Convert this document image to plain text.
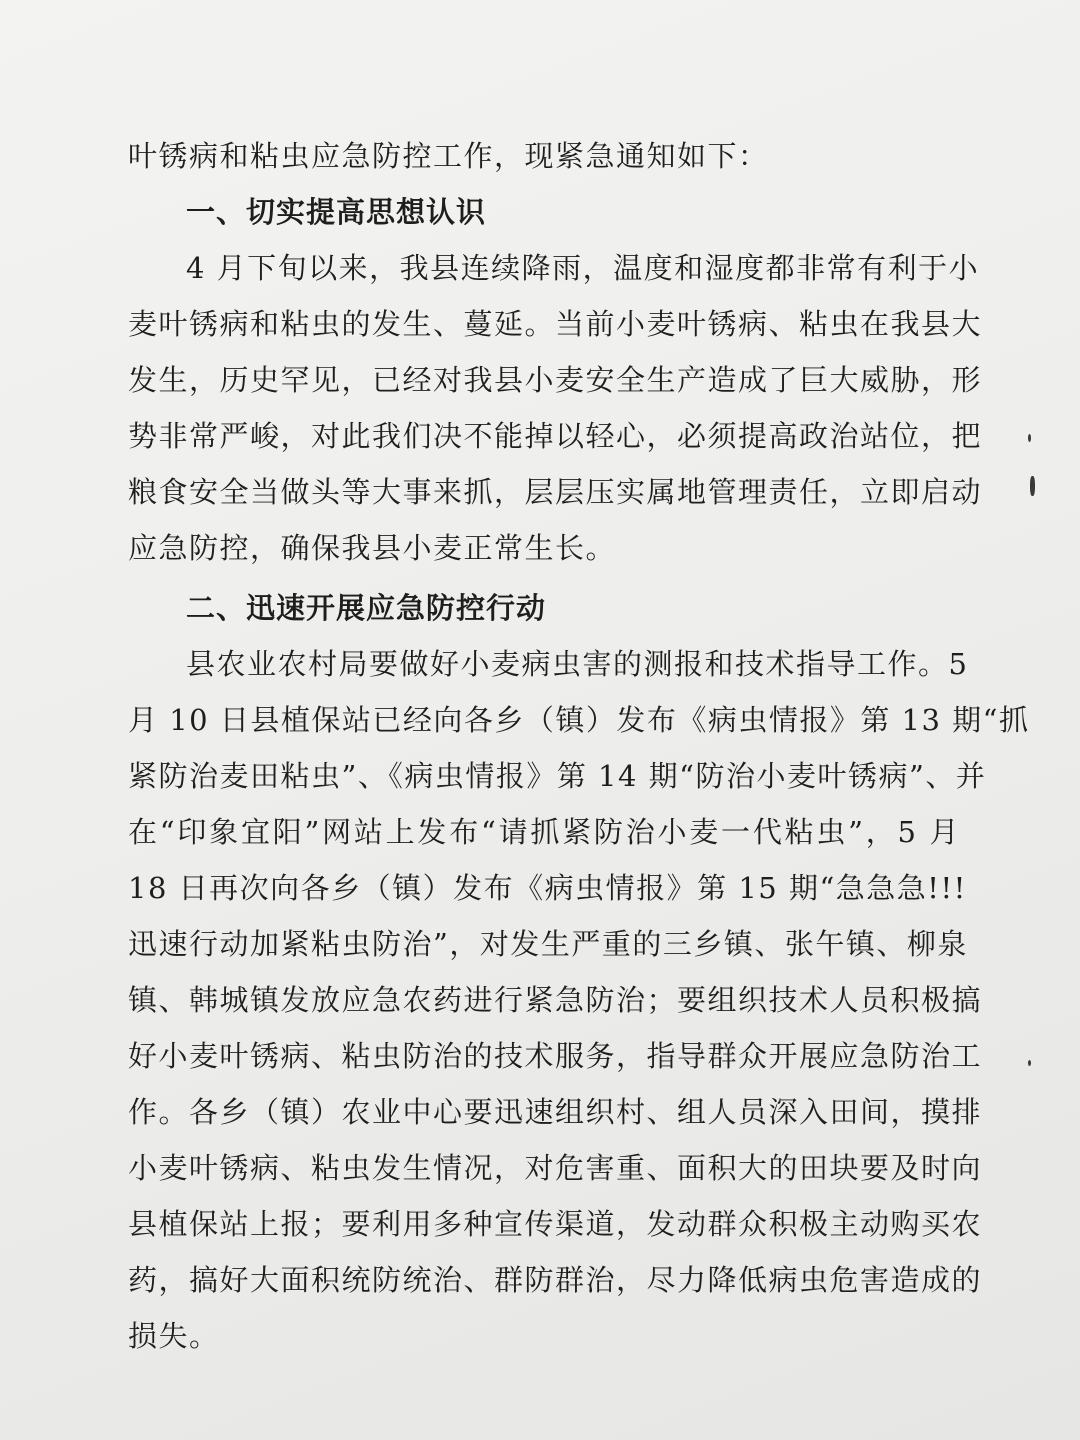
叶锈病和粘虫应急防控工作，现紧急通知如下：
一、切实提高思想认识
4 月下旬以来，我县连续降雨，温度和湿度都非常有利于小
麦叶锈病和粘虫的发生、蔓延。当前小麦叶锈病、粘虫在我县大
发生，历史罕见，已经对我县小麦安全生产造成了巨大威胁，形
势非常严峻，对此我们决不能掉以轻心，必须提高政治站位，把
粮食安全当做头等大事来抓，层层压实属地管理责任，立即启动
应急防控，确保我县小麦正常生长。
二、迅速开展应急防控行动
县农业农村局要做好小麦病虫害的测报和技术指导工作。5
月 10 日县植保站已经向各乡（镇）发布《病虫情报》第 13 期“抓
紧防治麦田粘虫”、《病虫情报》第 14 期“防治小麦叶锈病”、并
在“印象宜阳”网站上发布“请抓紧防治小麦一代粘虫”，5 月
18 日再次向各乡（镇）发布《病虫情报》第 15 期“急急急!!!
迅速行动加紧粘虫防治”，对发生严重的三乡镇、张午镇、柳泉
镇、韩城镇发放应急农药进行紧急防治；要组织技术人员积极搞
好小麦叶锈病、粘虫防治的技术服务，指导群众开展应急防治工
作。各乡（镇）农业中心要迅速组织村、组人员深入田间，摸排
小麦叶锈病、粘虫发生情况，对危害重、面积大的田块要及时向
县植保站上报；要利用多种宣传渠道，发动群众积极主动购买农
药，搞好大面积统防统治、群防群治，尽力降低病虫危害造成的
损失。
